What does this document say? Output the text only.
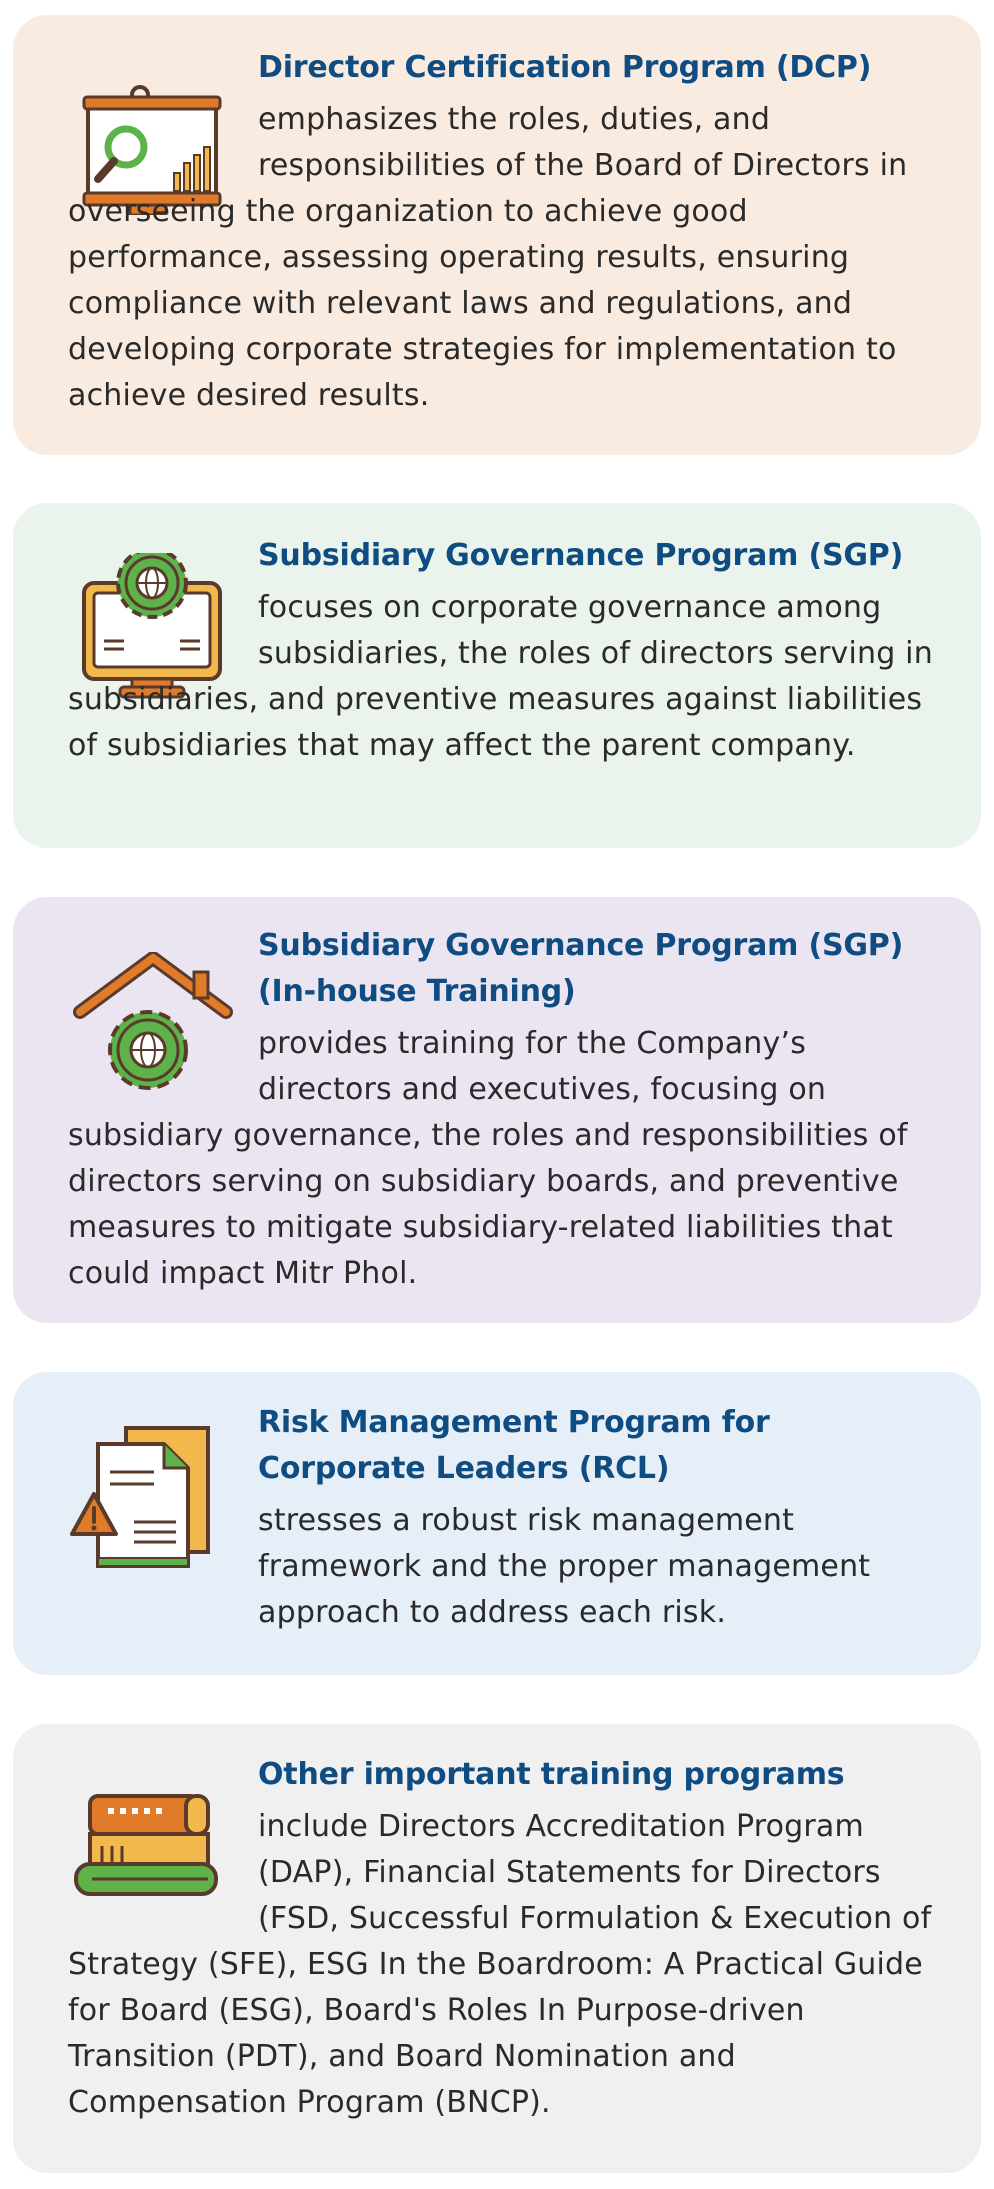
Director Certification Program (DCP)

emphasizes the roles, duties, and responsibilities of the Board of Directors in overseeing the organization to achieve good performance, assessing operating results, ensuring compliance with relevant laws and regulations, and developing corporate strategies for implementation to achieve desired results.

Subsidiary Governance Program (SGP)

focuses on corporate governance among subsidiaries, the roles of directors serving in subsidiaries, and preventive measures against liabilities of subsidiaries that may affect the parent company.

Subsidiary Governance Program (SGP) (In-house Training)

provides training for the Company’s directors and executives, focusing on subsidiary governance, the roles and responsibilities of directors serving on subsidiary boards, and preventive measures to mitigate subsidiary-related liabilities that could impact Mitr Phol.

Risk Management Program for Corporate Leaders (RCL)

stresses a robust risk management framework and the proper management approach to address each risk.

Other important training programs

include Directors Accreditation Program (DAP), Financial Statements for Directors (FSD, Successful Formulation & Execution of Strategy (SFE), ESG In the Boardroom: A Practical Guide for Board (ESG), Board's Roles In Purpose-driven Transition (PDT), and Board Nomination and Compensation Program (BNCP).
